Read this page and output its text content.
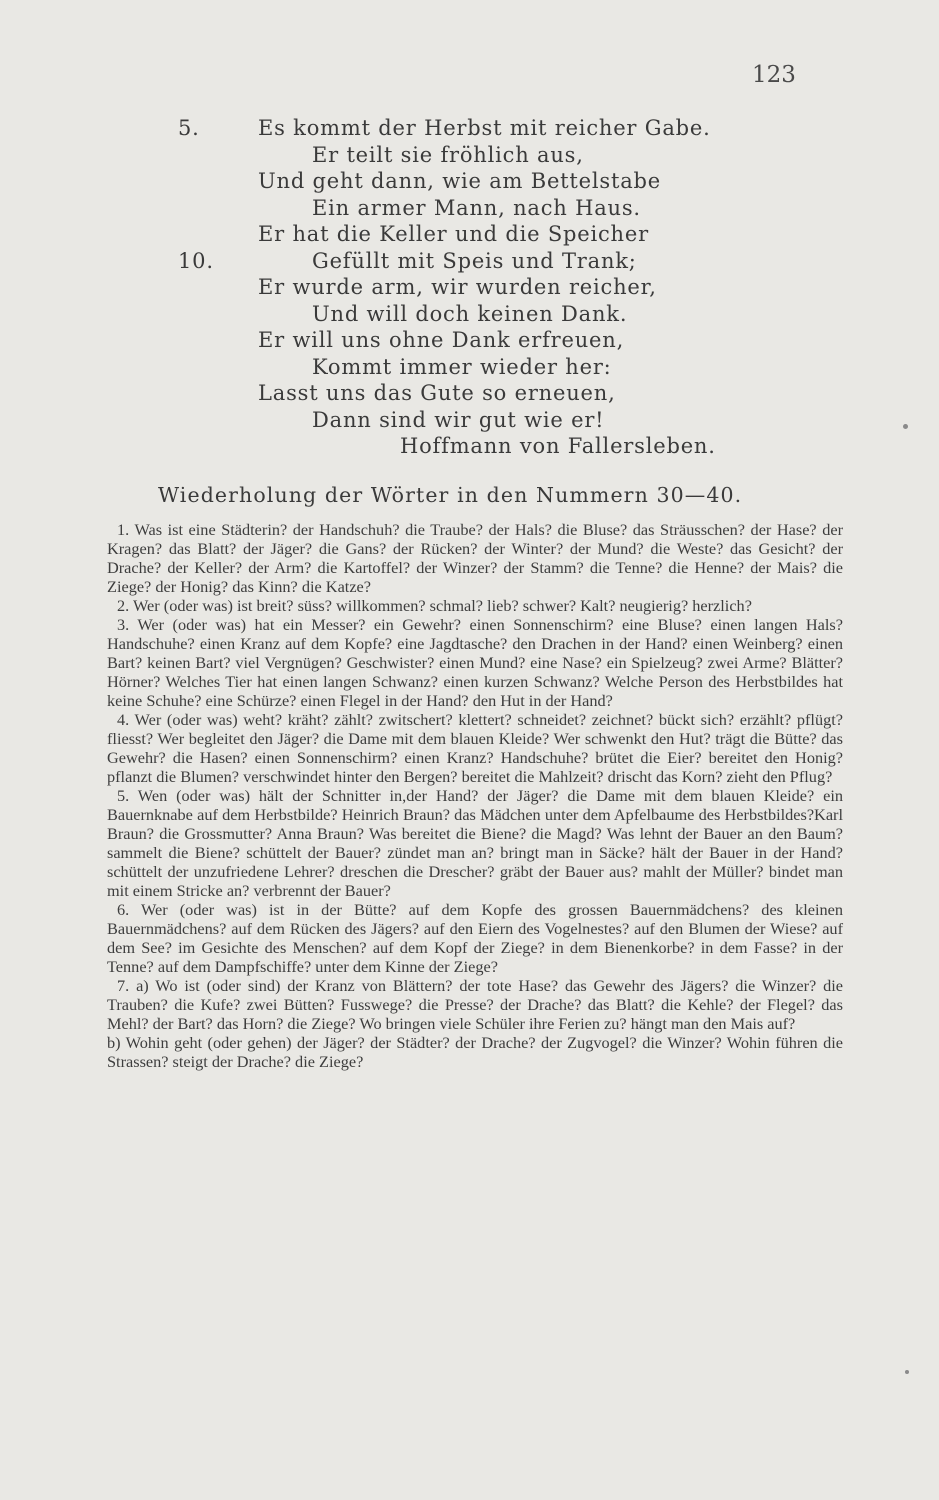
123
5.	Es kommt der Herbst mit reicher Gabe.
Er teilt sie fröhlich aus,
Und geht dann, wie am Bettelstabe
Ein armer Mann, nach Haus.
Er hat die Keller und die Speicher
10.	Gefüllt mit Speis und Trank;
Er wurde arm, wir wurden reicher,
Und will doch keinen Dank.
Er will uns ohne Dank erfreuen,
Kommt immer wieder her:
Lasst uns das Gute so erneuen,
Dann sind wir gut wie er!
Hoffmann von Fallersleben.
Wiederholung der Wörter in den Nummern 30—40.

1. Was ist eine Städterin? der Handschuh? die Traube? der Hals? die Bluse? das Sträusschen? der Hase? der Kragen? das Blatt? der Jäger? die Gans? der Rücken? der Winter? der Mund? die Weste? das Gesicht? der Drache? der Keller? der Arm? die Kartoffel? der Winzer? der Stamm? die Tenne? die Henne? der Mais? die Ziege? der Honig? das Kinn? die Katze?

2. Wer (oder was) ist breit? süss? willkommen? schmal? lieb? schwer? Kalt? neugierig? herzlich?

3. Wer (oder was) hat ein Messer? ein Gewehr? einen Sonnenschirm? eine Bluse? einen langen Hals? Handschuhe? einen Kranz auf dem Kopfe? eine Jagdtasche? den Drachen in der Hand? einen Weinberg? einen Bart? keinen Bart? viel Vergnügen? Geschwister? einen Mund? eine Nase? ein Spielzeug? zwei Arme? Blätter? Hörner? Welches Tier hat einen langen Schwanz? einen kurzen Schwanz? Welche Person des Herbstbildes hat keine Schuhe? eine Schürze? einen Flegel in der Hand? den Hut in der Hand?

4. Wer (oder was) weht? kräht? zählt? zwitschert? klettert? schneidet? zeichnet? bückt sich? erzählt? pflügt? fliesst? Wer begleitet den Jäger? die Dame mit dem blauen Kleide? Wer schwenkt den Hut? trägt die Bütte? das Gewehr? die Hasen? einen Sonnenschirm? einen Kranz? Handschuhe? brütet die Eier? bereitet den Honig? pflanzt die Blumen? verschwindet hinter den Bergen? bereitet die Mahlzeit? drischt das Korn? zieht den Pflug?

5. Wen (oder was) hält der Schnitter in,der Hand? der Jäger? die Dame mit dem blauen Kleide? ein Bauernknabe auf dem Herbstbilde? Heinrich Braun? das Mädchen unter dem Apfelbaume des Herbstbildes?Karl Braun? die Grossmutter? Anna Braun? Was bereitet die Biene? die Magd? Was lehnt der Bauer an den Baum? sammelt die Biene? schüttelt der Bauer? zündet man an? bringt man in Säcke? hält der Bauer in der Hand? schüttelt der unzufriedene Lehrer? dreschen die Drescher? gräbt der Bauer aus? mahlt der Müller? bindet man mit einem Stricke an? verbrennt der Bauer?

6. Wer (oder was) ist in der Bütte? auf dem Kopfe des grossen Bauernmädchens? des kleinen Bauernmädchens? auf dem Rücken des Jägers? auf den Eiern des Vogelnestes? auf den Blumen der Wiese? auf dem See? im Gesichte des Menschen? auf dem Kopf der Ziege? in dem Bienenkorbe? in dem Fasse? in der Tenne? auf dem Dampfschiffe? unter dem Kinne der Ziege?

7. a) Wo ist (oder sind) der Kranz von Blättern? der tote Hase? das Gewehr des Jägers? die Winzer? die Trauben? die Kufe? zwei Bütten? Fusswege? die Presse? der Drache? das Blatt? die Kehle? der Flegel? das Mehl? der Bart? das Horn? die Ziege? Wo bringen viele Schüler ihre Ferien zu? hängt man den Mais auf?

b) Wohin geht (oder gehen) der Jäger? der Städter? der Drache? der Zugvogel? die Winzer? Wohin führen die Strassen? steigt der Drache? die Ziege?
